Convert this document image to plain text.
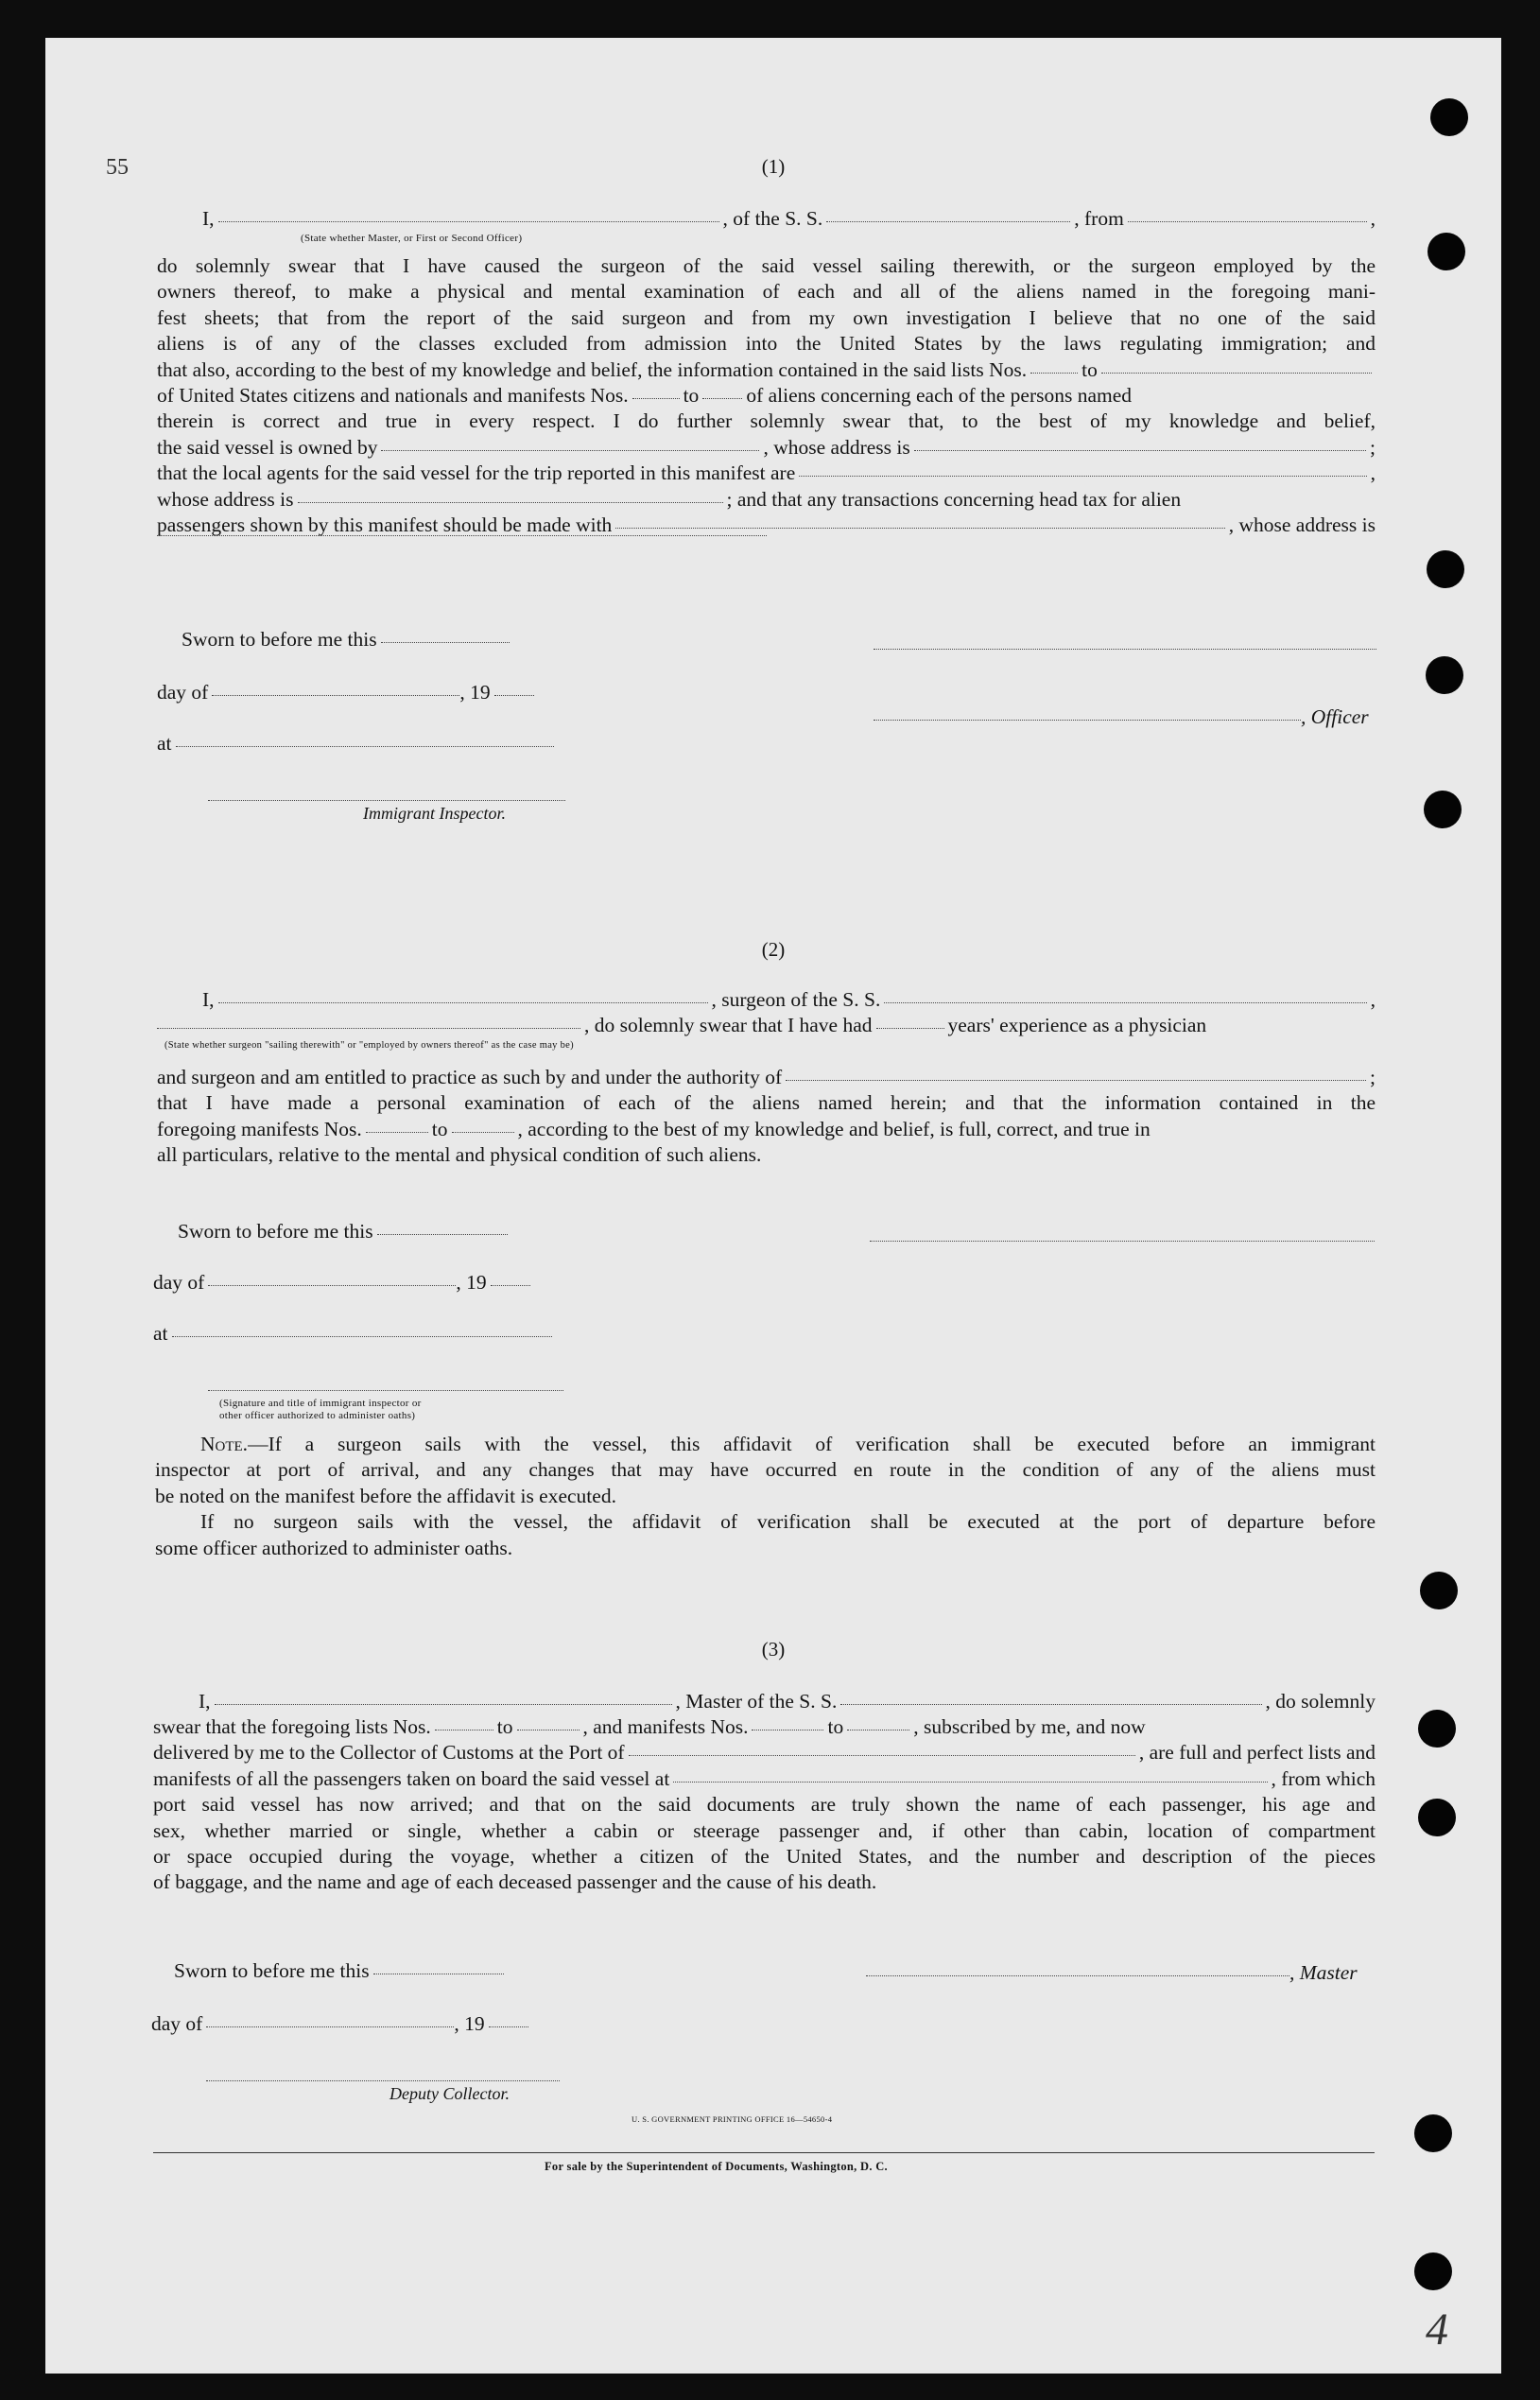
55
4
(1)
I,	, of the S. S.	, from	,
(State whether Master, or First or Second Officer)
do solemnly swear that I have caused the surgeon of the said vessel sailing therewith, or the surgeon employed by the
owners thereof, to make a physical and mental examination of each and all of the aliens named in the foregoing mani-
fest sheets; that from the report of the said surgeon and from my own investigation I believe that no one of the said
aliens is of any of the classes excluded from admission into the United States by the laws regulating immigration; and
that also, according to the best of my knowledge and belief, the information contained in the said lists Nos.	to
of United States citizens and nationals and manifests Nos.	to of aliens concerning each of the persons named
therein is correct and true in every respect. I do further solemnly swear that, to the best of my knowledge and belief,
the said vessel is owned by	, whose address is	;
that the local agents for the said vessel for the trip reported in this manifest are	,
whose address is	; and that any transactions concerning head tax for alien
passengers shown by this manifest should be made with	, whose address is
Sworn to before me this
day of	, 19
, Officer
at
Immigrant Inspector.
(2)
I,	, surgeon of the S. S.	,
, do solemnly swear that I have had	years' experience as a physician
(State whether surgeon "sailing therewith" or "employed by owners thereof" as the case may be)
and surgeon and am entitled to practice as such by and under the authority of	;
that I have made a personal examination of each of the aliens named herein; and that the information contained in the
foregoing manifests Nos.	to	, according to the best of my knowledge and belief, is full, correct, and true in
all particulars, relative to the mental and physical condition of such aliens.
Sworn to before me this
day of	, 19
at
(Signature and title of immigrant inspector or
other officer authorized to administer oaths)
Note.—If a surgeon sails with the vessel, this affidavit of verification shall be executed before an immigrant
inspector at port of arrival, and any changes that may have occurred en route in the condition of any of the aliens must
be noted on the manifest before the affidavit is executed.
If no surgeon sails with the vessel, the affidavit of verification shall be executed at the port of departure before
some officer authorized to administer oaths.
(3)
I,	, Master of the S. S.	, do solemnly
swear that the foregoing lists Nos.	to	, and manifests Nos.	to	, subscribed by me, and now
delivered by me to the Collector of Customs at the Port of	, are full and perfect lists and
manifests of all the passengers taken on board the said vessel at	, from which
port said vessel has now arrived; and that on the said documents are truly shown the name of each passenger, his age and
sex, whether married or single, whether a cabin or steerage passenger and, if other than cabin, location of compartment
or space occupied during the voyage, whether a citizen of the United States, and the number and description of the pieces
of baggage, and the name and age of each deceased passenger and the cause of his death.
Sworn to before me this	, Master
day of	, 19
Deputy Collector.
U. S. GOVERNMENT PRINTING OFFICE 16—54650-4
For sale by the Superintendent of Documents, Washington, D. C.
